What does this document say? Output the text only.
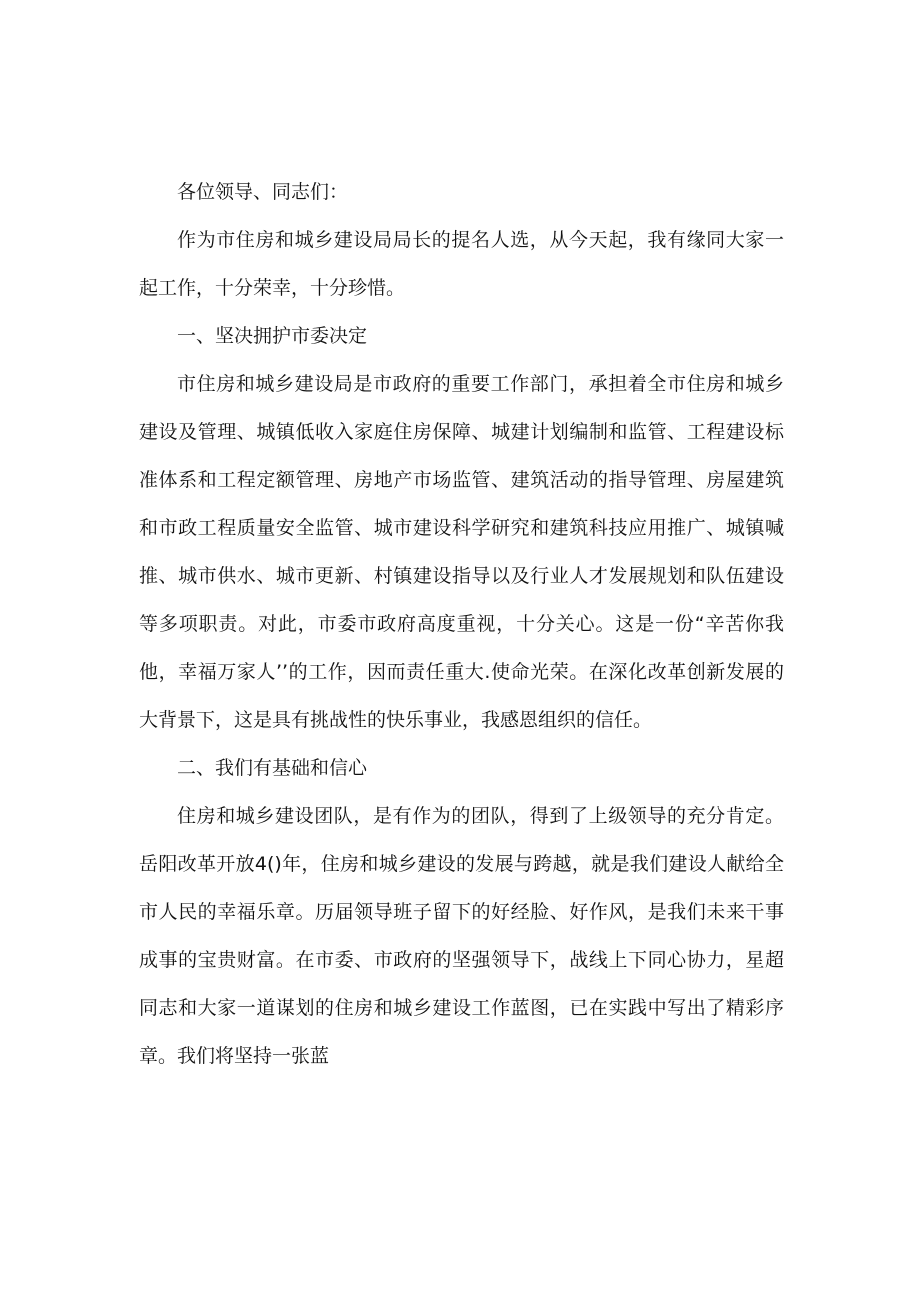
各位领导、同志们：

作为市住房和城乡建设局局长的提名人选，从今天起，我有缘同大家一起工作，十分荣幸，十分珍惜。

一、坚决拥护市委决定

市住房和城乡建设局是市政府的重要工作部门，承担着全市住房和城乡建设及管理、城镇低收入家庭住房保障、城建计划编制和监管、工程建设标准体系和工程定额管理、房地产市场监管、建筑活动的指导管理、房屋建筑和市政工程质量安全监管、城市建设科学研究和建筑科技应用推广、城镇喊推、城市供水、城市更新、村镇建设指导以及行业人才发展规划和队伍建设等多项职责。对此，市委市政府高度重视，十分关心。这是一份“辛苦你我他，幸福万家人’’的工作，因而责任重大.使命光荣。在深化改革创新发展的大背景下，这是具有挑战性的快乐事业，我感恩组织的信任。

二、我们有基础和信心

住房和城乡建设团队，是有作为的团队，得到了上级领导的充分肯定。岳阳改革开放4()年，住房和城乡建设的发展与跨越，就是我们建设人献给全市人民的幸福乐章。历届领导班子留下的好经脸、好作风，是我们未来干事成事的宝贵财富。在市委、市政府的坚强领导下，战线上下同心协力，星超同志和大家一道谋划的住房和城乡建设工作蓝图，已在实践中写出了精彩序章。我们将坚持一张蓝
